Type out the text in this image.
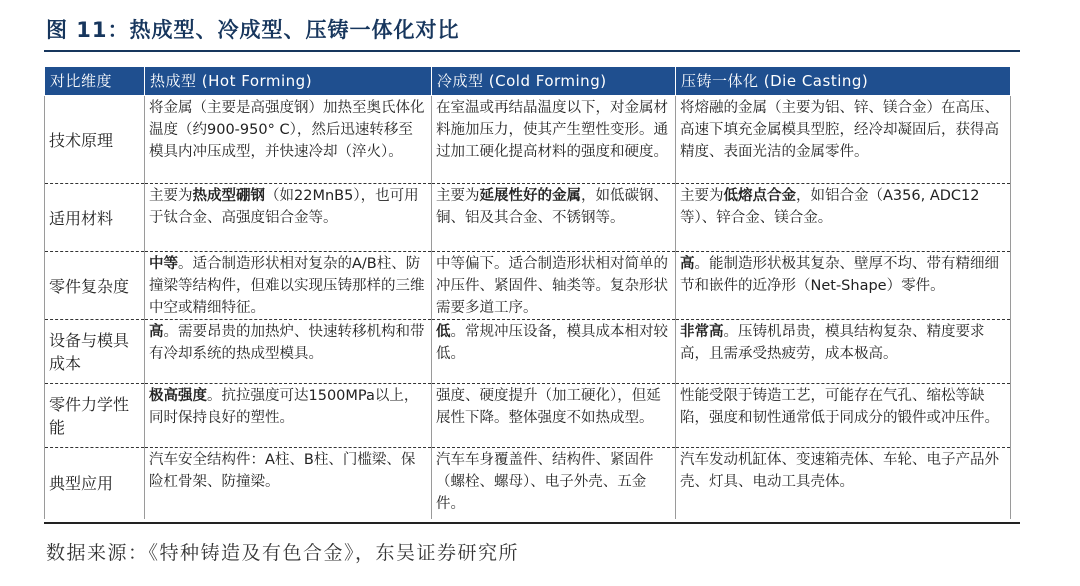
图 11：热成型、冷成型、压铸一体化对比
对比维度	热成型 (Hot Forming)	冷成型 (Cold Forming)	压铸一体化 (Die Casting)
技术原理	将金属（主要是高强度钢）加热至奥氏体化温度（约900-950° C），然后迅速转移至模具内冲压成型，并快速冷却（淬火）。	在室温或再结晶温度以下，对金属材料施加压力，使其产生塑性变形。通过加工硬化提高材料的强度和硬度。	将熔融的金属（主要为铝、锌、镁合金）在高压、高速下填充金属模具型腔，经冷却凝固后，获得高精度、表面光洁的金属零件。
适用材料	主要为热成型硼钢（如22MnB5），也可用于钛合金、高强度铝合金等。	主要为延展性好的金属，如低碳钢、铜、铝及其合金、不锈钢等。	主要为低熔点合金，如铝合金（A356, ADC12等）、锌合金、镁合金。
零件复杂度	中等。适合制造形状相对复杂的A/B柱、防撞梁等结构件，但难以实现压铸那样的三维中空或精细特征。	中等偏下。适合制造形状相对简单的冲压件、紧固件、轴类等。复杂形状需要多道工序。	高。能制造形状极其复杂、壁厚不均、带有精细细节和嵌件的近净形（Net-Shape）零件。
设备与模具成本	高。需要昂贵的加热炉、快速转移机构和带有冷却系统的热成型模具。	低。常规冲压设备，模具成本相对较低。	非常高。压铸机昂贵，模具结构复杂、精度要求高，且需承受热疲劳，成本极高。
零件力学性能	极高强度。抗拉强度可达1500MPa以上，同时保持良好的塑性。	强度、硬度提升（加工硬化），但延展性下降。整体强度不如热成型。	性能受限于铸造工艺，可能存在气孔、缩松等缺陷，强度和韧性通常低于同成分的锻件或冲压件。
典型应用	汽车安全结构件：A柱、B柱、门槛梁、保险杠骨架、防撞梁。	汽车车身覆盖件、结构件、紧固件（螺栓、螺母）、电子外壳、五金件。	汽车发动机缸体、变速箱壳体、车轮、电子产品外壳、灯具、电动工具壳体。
数据来源：《特种铸造及有色合金》，东吴证券研究所
